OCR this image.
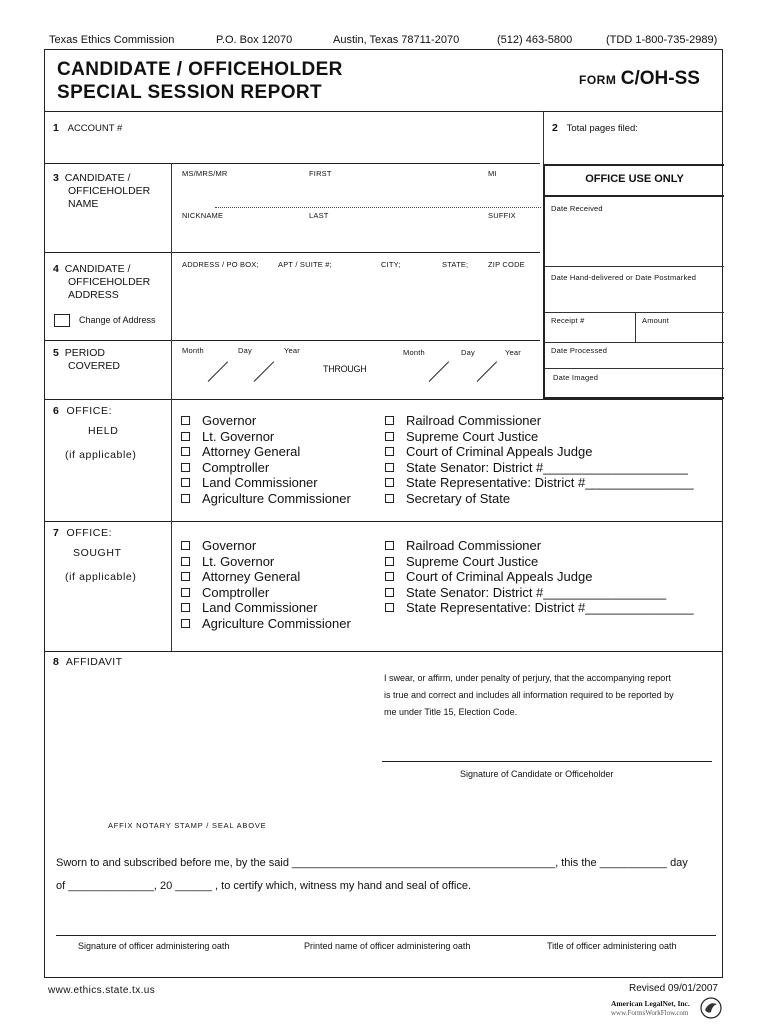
Texas Ethics Commission	P.O. Box 12070	Austin, Texas 78711-2070	(512) 463-5800	(TDD 1-800-735-2989)
CANDIDATE / OFFICEHOLDER
SPECIAL SESSION REPORT
FORM C/OH-SS
1 ACCOUNT #	2 Total pages filed:
3 CANDIDATE /
OFFICEHOLDER
NAME
MS/MRS/MR	FIRST	MI
NICKNAME	LAST	SUFFIX
4 CANDIDATE /
OFFICEHOLDER
ADDRESS
ADDRESS / PO BOX;	APT / SUITE #;	CITY;	STATE;	ZIP CODE
Change of Address
5 PERIOD
COVERED
Month	Day	Year
THROUGH
Month	Day	Year
OFFICE USE ONLY
Date Received
Date Hand-delivered or Date Postmarked
Receipt #	Amount
Date Processed
Date Imaged
6 OFFICE:
HELD
(if applicable)
Governor
Lt. Governor
Attorney General
Comptroller
Land Commissioner
Agriculture Commissioner
Railroad Commissioner
Supreme Court Justice
Court of Criminal Appeals Judge
State Senator: District #____________________
State Representative: District #_______________
Secretary of State
7 OFFICE:
SOUGHT
(if applicable)
Governor
Lt. Governor
Attorney General
Comptroller
Land Commissioner
Agriculture Commissioner
Railroad Commissioner
Supreme Court Justice
Court of Criminal Appeals Judge
State Senator: District #_________________
State Representative: District #_______________
8 AFFIDAVIT
I swear, or affirm, under penalty of perjury, that the accompanying report
is true and correct and includes all information required to be reported by
me under Title 15, Election Code.
Signature of Candidate or Officeholder
AFFIX NOTARY STAMP / SEAL ABOVE
Sworn to and subscribed before me, by the said ___________________________________________, this the ___________ day
of ______________, 20 ______ , to certify which, witness my hand and seal of office.
Signature of officer administering oath	Printed name of officer administering oath	Title of officer administering oath
www.ethics.state.tx.us	Revised 09/01/2007
American LegalNet, Inc.
www.FormsWorkFlow.com
